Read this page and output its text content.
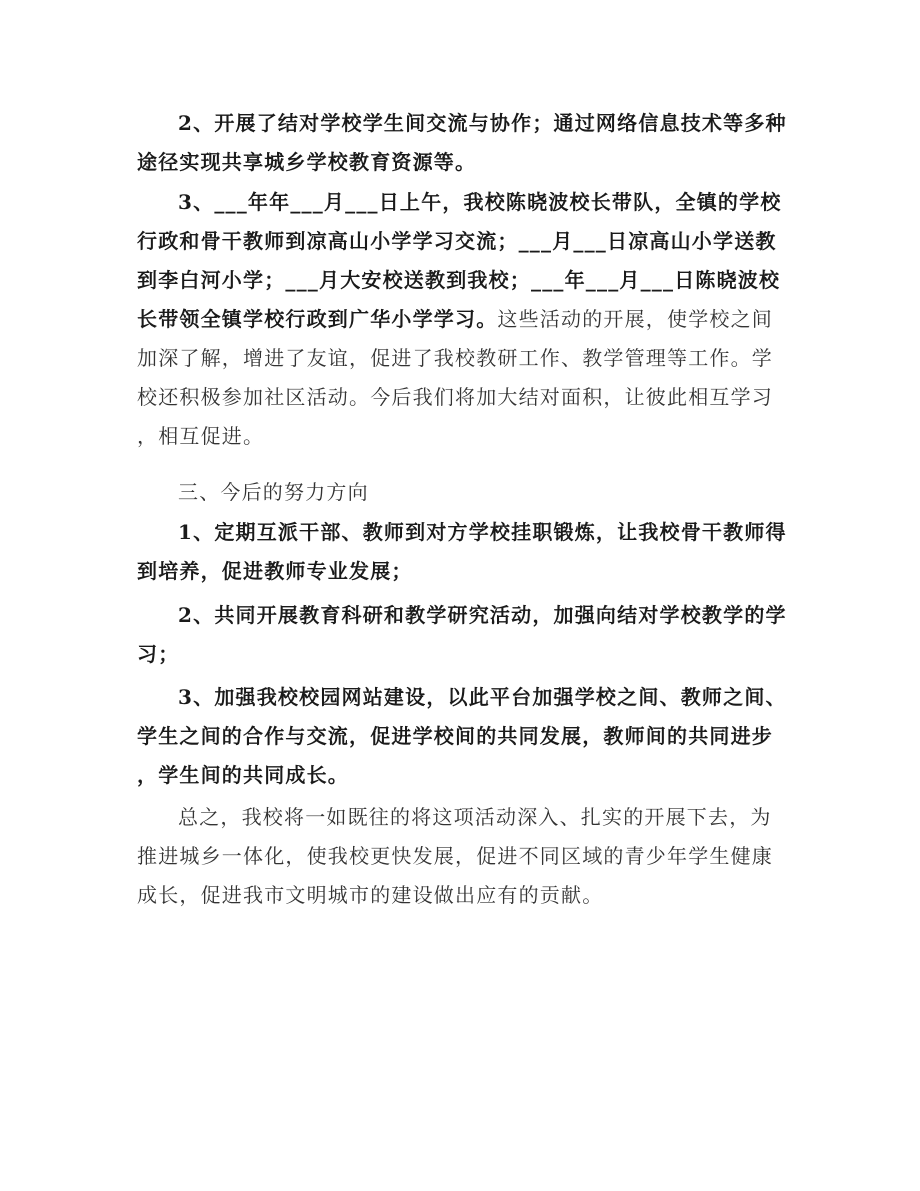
2、开展了结对学校学生间交流与协作；通过网络信息技术等多种
途径实现共享城乡学校教育资源等。

3、___年年___月___日上午，我校陈晓波校长带队，全镇的学校
行政和骨干教师到凉高山小学学习交流；___月___日凉高山小学送教
到李白河小学；___月大安校送教到我校；___年___月___日陈晓波校
长带领全镇学校行政到广华小学学习。这些活动的开展，使学校之间
加深了解，增进了友谊，促进了我校教研工作、教学管理等工作。学
校还积极参加社区活动。今后我们将加大结对面积，让彼此相互学习
，相互促进。

三、今后的努力方向

1、定期互派干部、教师到对方学校挂职锻炼，让我校骨干教师得
到培养，促进教师专业发展；

2、共同开展教育科研和教学研究活动，加强向结对学校教学的学
习；

3、加强我校校园网站建设，以此平台加强学校之间、教师之间、
学生之间的合作与交流，促进学校间的共同发展，教师间的共同进步
，学生间的共同成长。

总之，我校将一如既往的将这项活动深入、扎实的开展下去，为
推进城乡一体化，使我校更快发展，促进不同区域的青少年学生健康
成长，促进我市文明城市的建设做出应有的贡献。
